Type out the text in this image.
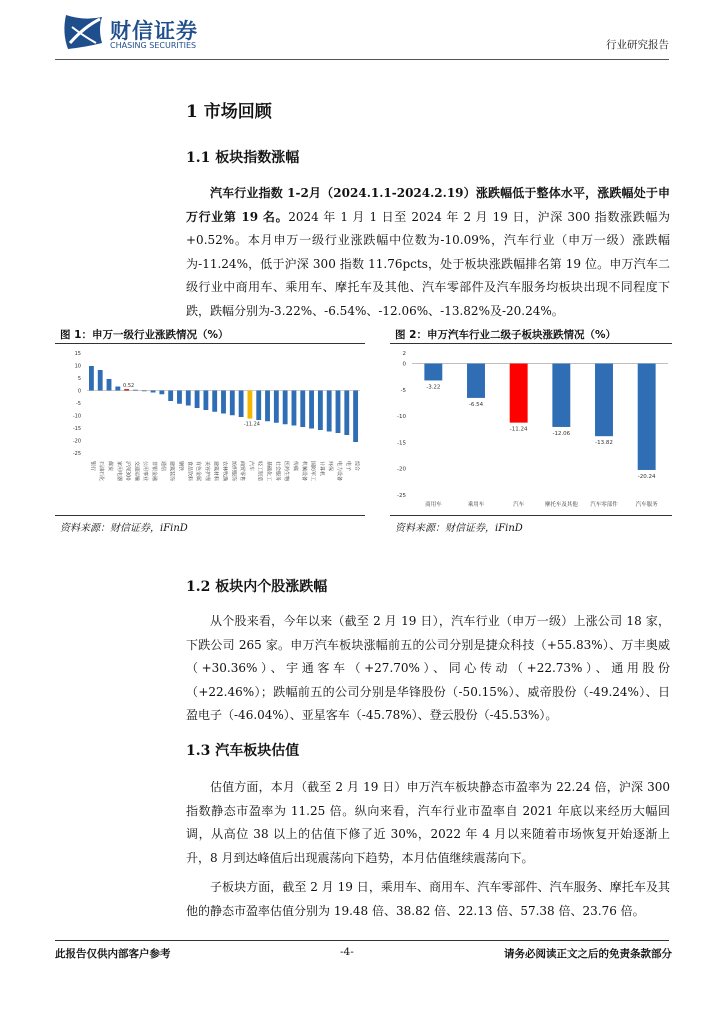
财信证券
CHASING SECURITIES	行业研究报告
1 市场回顾
1.1 板块指数涨幅

汽车行业指数 1-2月（2024.1.1-2024.2.19）涨跌幅低于整体水平，涨跌幅处于申万行业第 19 名。2024 年 1 月 1 日至 2024 年 2 月 19 日，沪深 300 指数涨跌幅为+0.52%。本月申万一级行业涨跌幅中位数为-10.09%，汽车行业（申万一级）涨跌幅为-11.24%，低于沪深 300 指数 11.76pcts，处于板块涨跌幅排名第 19 位。申万汽车二级行业中商用车、乘用车、摩托车及其他、汽车零部件及汽车服务均板块出现不同程度下跌，跌幅分别为-3.22%、-6.54%、-12.06%、-13.82%及-20.24%。

图 1：申万一级行业涨跌情况（%）
15
10
5
0
-5
-10
-15
-20
-25
银行 石油石化 煤炭 家用电器 沪深300
0.52
交通运输 公用事业 非银金融 通信 建筑装饰 钢铁 食品饮料 有色金属 美容护理 建筑材料 农林牧渔 纺织服饰 商贸零售 汽车
-11.24
轻工制造 基础化工 社会服务 医药生物 传媒 机械设备 国防军工 计算机 环保 电力设备 电子 综合
资料来源：财信证券，iFinD
图 2：申万汽车行业二级子板块涨跌情况（%）
2
0
-5
-10
-15
-20
-25
-3.22
商用车
-6.54
乘用车
-11.24
汽车
-12.06
摩托车及其他
-13.82
汽车零部件
-20.24
汽车服务
资料来源：财信证券，iFinD
1.2 板块内个股涨跌幅

从个股来看，今年以来（截至 2 月 19 日），汽车行业（申万一级）上涨公司 18 家，下跌公司 265 家。申万汽车板块涨幅前五的公司分别是捷众科技（+55.83%）、万丰奥威（+30.36%）、宇通客车（+27.70%）、同心传动（+22.73%）、通用股份（+22.46%）；跌幅前五的公司分别是华锋股份（-50.15%）、威帝股份（-49.24%）、日盈电子（-46.04%）、亚星客车（-45.78%）、登云股份（-45.53%）。

1.3 汽车板块估值

估值方面，本月（截至 2 月 19 日）申万汽车板块静态市盈率为 22.24 倍，沪深 300 指数静态市盈率为 11.25 倍。纵向来看，汽车行业市盈率自 2021 年底以来经历大幅回调，从高位 38 以上的估值下修了近 30%，2022 年 4 月以来随着市场恢复开始逐渐上升，8 月到达峰值后出现震荡向下趋势，本月估值继续震荡向下。

子板块方面，截至 2 月 19 日，乘用车、商用车、汽车零部件、汽车服务、摩托车及其他的静态市盈率估值分别为 19.48 倍、38.82 倍、22.13 倍、57.38 倍、23.76 倍。

此报告仅供内部客户参考	-4-	请务必阅读正文之后的免责条款部分
